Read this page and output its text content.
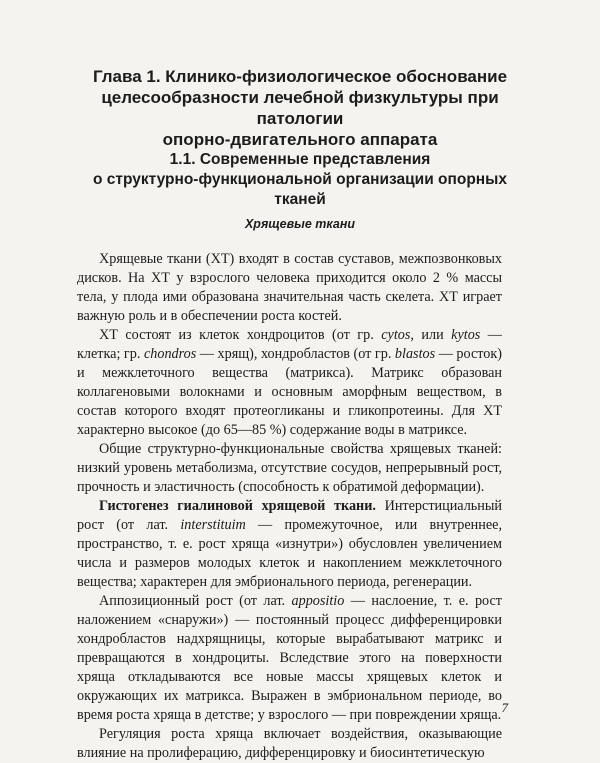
Глава 1. Клинико-физиологическое обоснование
целесообразности лечебной физкультуры при патологии
опорно-двигательного аппарата
1.1. Современные представления
о структурно-функциональной организации опорных тканей
Хрящевые ткани

Хрящевые ткани (ХТ) входят в состав суставов, межпозвонковых дисков. На ХТ у взрослого человека приходится около 2 % массы тела, у плода ими образована значительная часть скелета. ХТ играет важную роль и в обеспечении роста костей.

ХТ состоят из клеток хондроцитов (от гр. cytos, или kytos — клетка; гр. chondros — хрящ), хондробластов (от гр. blastos — росток) и межклеточного вещества (матрикса). Матрикс образован коллагеновыми волокнами и основным аморфным веществом, в состав которого входят протеогликаны и гликопротеины. Для ХТ характерно высокое (до 65—85 %) содержание воды в матриксе.

Общие структурно-функциональные свойства хрящевых тканей: низкий уровень метаболизма, отсутствие сосудов, непрерывный рост, прочность и эластичность (способность к обратимой деформации).

Гистогенез гиалиновой хрящевой ткани. Интерстициальный рост (от лат. interstituim — промежуточное, или внутреннее, пространство, т. е. рост хряща «изнутри») обусловлен увеличением числа и размеров молодых клеток и накоплением межклеточного вещества; характерен для эмбрионального периода, регенерации.

Аппозиционный рост (от лат. appositio — наслоение, т. е. рост наложением «снаружи») — постоянный процесс дифференцировки хондробластов надхрящницы, которые вырабатывают матрикс и превращаются в хондроциты. Вследствие этого на поверхности хряща откладываются все новые массы хрящевых клеток и окружающих их матрикса. Выражен в эмбриональном периоде, во время роста хряща в детстве; у взрослого — при повреждении хряща.

Регуляция роста хряща включает воздействия, оказывающие влияние на пролиферацию, дифференцировку и биосинтетическую

7
